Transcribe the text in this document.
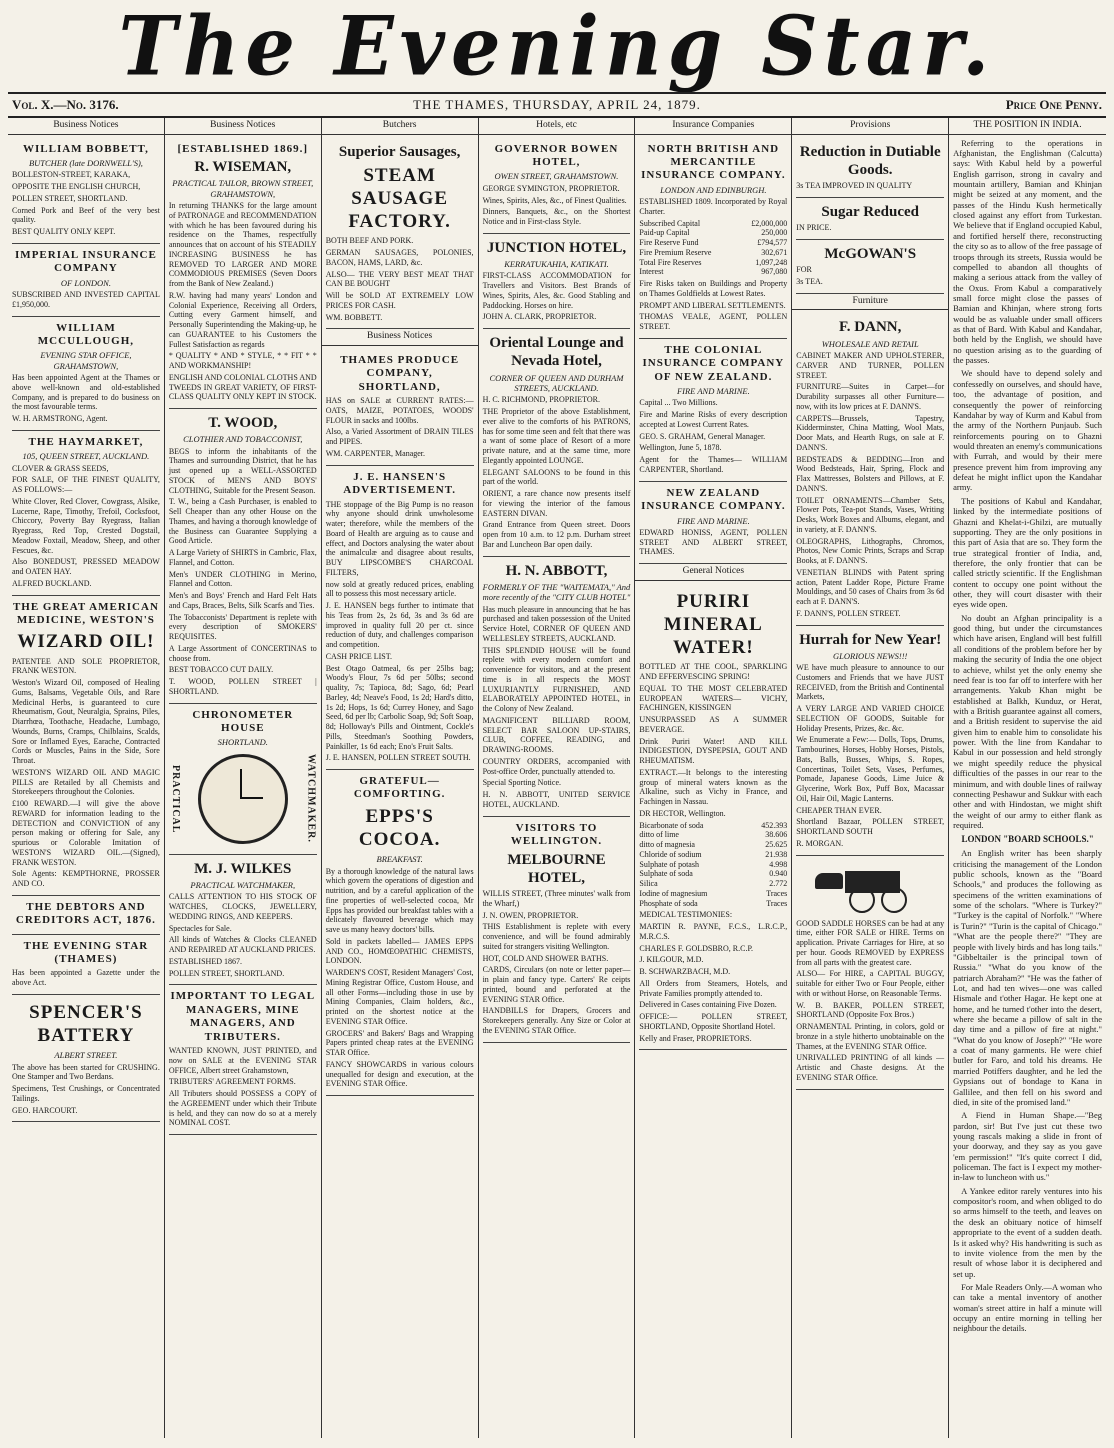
The Evening Star.
Vol. X.—No. 3176.	THE THAMES, THURSDAY, APRIL 24, 1879.	Price One Penny.
Business Notices
WILLIAM BOBBETT,
BUTCHER (late DORNWELL'S),

BOLLESTON-STREET, KARAKA,

OPPOSITE THE ENGLISH CHURCH,

POLLEN STREET, SHORTLAND.

Corned Pork and Beef of the very best quality.

BEST QUALITY ONLY KEPT.

IMPERIAL INSURANCE COMPANY
OF LONDON.

SUBSCRIBED AND INVESTED CAPITAL £1,950,000.

WILLIAM MCCULLOUGH,
EVENING STAR OFFICE, GRAHAMSTOWN,

Has been appointed Agent at the Thames or above well-known and old-established Company, and is prepared to do business on the most favourable terms.

W. H. ARMSTRONG, Agent.

THE HAYMARKET,
105, QUEEN STREET, AUCKLAND.

CLOVER & GRASS SEEDS,

FOR SALE, OF THE FINEST QUALITY, AS FOLLOWS:—

White Clover, Red Clover, Cowgrass, Alsike, Lucerne, Rape, Timothy, Trefoil, Cocksfoot, Chiccory, Poverty Bay Ryegrass, Italian Ryegrass, Red Top, Crested Dogstail, Meadow Foxtail, Meadow, Sheep, and other Fescues, &c.

Also BONEDUST, PRESSED MEADOW and OATEN HAY.

ALFRED BUCKLAND.

THE GREAT AMERICAN MEDICINE, WESTON'S
WIZARD OIL!

PATENTEE AND SOLE PROPRIETOR, FRANK WESTON.

Weston's Wizard Oil, composed of Healing Gums, Balsams, Vegetable Oils, and Rare Medicinal Herbs, is guaranteed to cure Rheumatism, Gout, Neuralgia, Sprains, Piles, Diarrhœa, Toothache, Headache, Lumbago, Wounds, Burns, Cramps, Chilblains, Scalds, Sore or Inflamed Eyes, Earache, Contracted Cords or Muscles, Pains in the Side, Sore Throat.

WESTON'S WIZARD OIL AND MAGIC PILLS are Retailed by all Chemists and Storekeepers throughout the Colonies.

£100 REWARD.—I will give the above REWARD for information leading to the DETECTION and CONVICTION of any person making or offering for Sale, any spurious or Colorable Imitation of WESTON'S WIZARD OIL.—(Signed), FRANK WESTON.

Sole Agents: KEMPTHORNE, PROSSER AND CO.

THE DEBTORS AND CREDITORS ACT, 1876.
THE EVENING STAR (THAMES)

Has been appointed a Gazette under the above Act.

SPENCER'S BATTERY
ALBERT STREET.

The above has been started for CRUSHING. One Stamper and Two Berdans.

Specimens, Test Crushings, or Concentrated Tailings.

GEO. HARCOURT.

Business Notices
[ESTABLISHED 1869.]
R. WISEMAN,
PRACTICAL TAILOR, BROWN STREET, GRAHAMSTOWN,

In returning THANKS for the large amount of PATRONAGE and RECOMMENDATION with which he has been favoured during his residence on the Thames, respectfully announces that on account of his STEADILY INCREASING BUSINESS he has REMOVED TO LARGER AND MORE COMMODIOUS PREMISES (Seven Doors from the Bank of New Zealand.)

R.W. having had many years' London and Colonial Experience, Receiving all Orders, Cutting every Garment himself, and Personally Superintending the Making-up, he can GUARANTEE to his Customers the Fullest Satisfaction as regards

* QUALITY * AND * STYLE, * * FIT * * AND WORKMANSHIP!

ENGLISH AND COLONIAL CLOTHS AND TWEEDS IN GREAT VARIETY, OF FIRST-CLASS QUALITY ONLY KEPT IN STOCK.

T. WOOD,
CLOTHIER AND TOBACCONIST,

BEGS to inform the inhabitants of the Thames and surrounding District, that he has just opened up a WELL-ASSORTED STOCK of MEN'S AND BOYS' CLOTHING, Suitable for the Present Season.

T. W., being a Cash Purchaser, is enabled to Sell Cheaper than any other House on the Thames, and having a thorough knowledge of the Business can Guarantee Supplying a Good Article.

A Large Variety of SHIRTS in Cambric, Flax, Flannel, and Cotton.

Men's UNDER CLOTHING in Merino, Flannel and Cotton.

Men's and Boys' French and Hard Felt Hats and Caps, Braces, Belts, Silk Scarfs and Ties.

The Tobacconists' Department is replete with every description of SMOKERS' REQUISITES.

A Large Assortment of CONCERTINAS to choose from.

BEST TOBACCO CUT DAILY.

T. WOOD, POLLEN STREET | SHORTLAND.

CHRONOMETER HOUSE
SHORTLAND.
PRACTICAL	WATCHMAKER.
M. J. WILKES
PRACTICAL WATCHMAKER,

CALLS ATTENTION TO HIS STOCK OF WATCHES, CLOCKS, JEWELLERY, WEDDING RINGS, AND KEEPERS.

Spectacles for Sale.

All kinds of Watches & Clocks CLEANED AND REPAIRED AT AUCKLAND PRICES.

ESTABLISHED 1867.

POLLEN STREET, SHORTLAND.

IMPORTANT TO LEGAL MANAGERS, MINE MANAGERS, AND TRIBUTERS.

WANTED KNOWN, JUST PRINTED, and now on SALE at the EVENING STAR OFFICE, Albert street Grahamstown,

TRIBUTERS' AGREEMENT FORMS.

All Tributers should POSSESS a COPY of the AGREEMENT under which their Tribute is held, and they can now do so at a merely NOMINAL COST.

Butchers
Superior Sausages,
STEAM SAUSAGE FACTORY.

BOTH BEEF AND PORK.

GERMAN SAUSAGES, POLONIES, BACON, HAMS, LARD, &c.

ALSO— THE VERY BEST MEAT THAT CAN BE BOUGHT

Will be SOLD AT EXTREMELY LOW PRICES FOR CASH.

WM. BOBBETT.

Business Notices
THAMES PRODUCE COMPANY, SHORTLAND,

HAS on SALE at CURRENT RATES:— OATS, MAIZE, POTATOES, WOODS' FLOUR in sacks and 100lbs.

Also, a Varied Assortment of DRAIN TILES and PIPES.

WM. CARPENTER, Manager.

J. E. HANSEN'S ADVERTISEMENT.

THE stoppage of the Big Pump is no reason why anyone should drink unwholesome water; therefore, while the members of the Board of Health are arguing as to cause and effect, and Doctors analysing the water about the animalculæ and disagree about results, BUY LIPSCOMBE'S CHARCOAL FILTERS,

now sold at greatly reduced prices, enabling all to possess this most necessary article.

J. E. HANSEN begs further to intimate that his Teas from 2s, 2s 6d, 3s and 3s 6d are improved in quality full 20 per ct. since reduction of duty, and challenges comparison and competition.

CASH PRICE LIST.

Best Otago Oatmeal, 6s per 25lbs bag; Woody's Flour, 7s 6d per 50lbs; second quality, 7s; Tapioca, 8d; Sago, 6d; Pearl Barley, 4d; Neave's Food, 1s 2d; Hard's ditto, 1s 2d; Hops, 1s 6d; Currey Honey, and Sago Seed, 6d per lb; Carbolic Soap, 9d; Soft Soap, 8d; Holloway's Pills and Ointment, Cockle's Pills, Steedman's Soothing Powders, Painkiller, 1s 6d each; Eno's Fruit Salts.

J. E. HANSEN, POLLEN STREET SOUTH.

GRATEFUL—COMFORTING.
EPPS'S COCOA.
BREAKFAST.

By a thorough knowledge of the natural laws which govern the operations of digestion and nutrition, and by a careful application of the fine properties of well-selected cocoa, Mr Epps has provided our breakfast tables with a delicately flavoured beverage which may save us many heavy doctors' bills.

Sold in packets labelled— JAMES EPPS AND CO., HOMŒOPATHIC CHEMISTS, LONDON.

WARDEN'S COST, Resident Managers' Cost, Mining Registrar Office, Custom House, and all other Forms—including those in use by Mining Companies, Claim holders, &c., printed on the shortest notice at the EVENING STAR Office.

GROCERS' and Bakers' Bags and Wrapping Papers printed cheap rates at the EVENING STAR Office.

FANCY SHOWCARDS in various colours unequalled for design and execution, at the EVENING STAR Office.

Hotels, etc
GOVERNOR BOWEN HOTEL,
OWEN STREET, GRAHAMSTOWN.

GEORGE SYMINGTON, PROPRIETOR.

Wines, Spirits, Ales, &c., of Finest Qualities.

Dinners, Banquets, &c., on the Shortest Notice and in First-class Style.

JUNCTION HOTEL,
KERRATUKAHIA, KATIKATI.

FIRST-CLASS ACCOMMODATION for Travellers and Visitors. Best Brands of Wines, Spirits, Ales, &c. Good Stabling and Paddocking. Horses on hire.

JOHN A. CLARK, PROPRIETOR.

Oriental Lounge and Nevada Hotel,
CORNER OF QUEEN AND DURHAM STREETS, AUCKLAND.

H. C. RICHMOND, PROPRIETOR.

THE Proprietor of the above Establishment, ever alive to the comforts of his PATRONS, has for some time seen and felt that there was a want of some place of Resort of a more private nature, and at the same time, more Elegantly appointed LOUNGE.

ELEGANT SALOONS to be found in this part of the world.

ORIENT, a rare chance now presents itself for viewing the interior of the famous EASTERN DIVAN.

Grand Entrance from Queen street. Doors open from 10 a.m. to 12 p.m. Durham street Bar and Luncheon Bar open daily.

H. N. ABBOTT,
FORMERLY OF THE "WAITEMATA," And more recently of the "CITY CLUB HOTEL"

Has much pleasure in announcing that he has purchased and taken possession of the United Service Hotel, CORNER OF QUEEN AND WELLESLEY STREETS, AUCKLAND.

THIS SPLENDID HOUSE will be found replete with every modern comfort and convenience for visitors, and at the present time is in all respects the MOST LUXURIANTLY FURNISHED, AND ELABORATELY APPOINTED HOTEL, in the Colony of New Zealand.

MAGNIFICENT BILLIARD ROOM, SELECT BAR SALOON UP-STAIRS, CLUB, COFFEE, READING, and DRAWING-ROOMS.

COUNTRY ORDERS, accompanied with Post-office Order, punctually attended to.

Special Sporting Notice.

H. N. ABBOTT, UNITED SERVICE HOTEL, AUCKLAND.

VISITORS TO WELLINGTON.
MELBOURNE HOTEL,

WILLIS STREET, (Three minutes' walk from the Wharf,)

J. N. OWEN, PROPRIETOR.

THIS Establishment is replete with every convenience, and will be found admirably suited for strangers visiting Wellington.

HOT, COLD AND SHOWER BATHS.

CARDS, Circulars (on note or letter paper—in plain and fancy type. Carters' Re ceipts printed, bound and perforated at the EVENING STAR Office.

HANDBILLS for Drapers, Grocers and Storekeepers generally. Any Size or Color at the EVENING STAR Office.

Insurance Companies
NORTH BRITISH AND MERCANTILE INSURANCE COMPANY.
LONDON AND EDINBURGH.

ESTABLISHED 1809. Incorporated by Royal Charter.

Subscribed Capital	£2,000,000
Paid-up Capital	250,000
Fire Reserve Fund	£794,577
Fire Premium Reserve	302,671
Total Fire Reserves	1,097,248
Interest	967,080

Fire Risks taken on Buildings and Property on Thames Goldfields at Lowest Rates.

PROMPT AND LIBERAL SETTLEMENTS.

THOMAS VEALE, AGENT, POLLEN STREET.

THE COLONIAL INSURANCE COMPANY OF NEW ZEALAND.
FIRE AND MARINE.

Capital ... Two Millions.

Fire and Marine Risks of every description accepted at Lowest Current Rates.

GEO. S. GRAHAM, General Manager.

Wellington, June 5, 1878.

Agent for the Thames— WILLIAM CARPENTER, Shortland.

NEW ZEALAND INSURANCE COMPANY.
FIRE AND MARINE.

EDWARD HONISS, AGENT, POLLEN STREET AND ALBERT STREET, THAMES.

General Notices
PURIRI MINERAL WATER!

BOTTLED AT THE COOL, SPARKLING AND EFFERVESCING SPRING!

EQUAL TO THE MOST CELEBRATED EUROPEAN WATERS— VICHY, FACHINGEN, KISSINGEN

UNSURPASSED AS A SUMMER BEVERAGE.

Drink Puriri Water! AND KILL INDIGESTION, DYSPEPSIA, GOUT AND RHEUMATISM.

EXTRACT.—It belongs to the interesting group of mineral waters known as the Alkaline, such as Vichy in France, and Fachingen in Nassau.

DR HECTOR, Wellington.

Bicarbonate of soda	452.393
ditto of lime	38.606
ditto of magnesia	25.625
Chloride of sodium	21.938
Sulphate of potash	4.998
Sulphate of soda	0.940
Silica	2.772
Iodine of magnesium	Traces
Phosphate of soda	Traces

MEDICAL TESTIMONIES:

MARTIN R. PAYNE, F.C.S., L.R.C.P., M.R.C.S.

CHARLES F. GOLDSBRO, R.C.P.

J. KILGOUR, M.D.

B. SCHWARZBACH, M.D.

All Orders from Steamers, Hotels, and Private Families promptly attended to.

Delivered in Cases containing Five Dozen.

OFFICE:— POLLEN STREET, SHORTLAND, Opposite Shortland Hotel.

Kelly and Fraser, PROPRIETORS.

Provisions
Reduction in Dutiable Goods.

3s TEA IMPROVED IN QUALITY

Sugar Reduced

IN PRICE.

McGOWAN'S

FOR

3s TEA.

Furniture
F. DANN,
WHOLESALE AND RETAIL

CABINET MAKER AND UPHOLSTERER, CARVER AND TURNER, POLLEN STREET.

FURNITURE—Suites in Carpet—for Durability surpasses all other Furniture—now, with its low prices at F. DANN'S.

CARPETS—Brussels, Tapestry, Kidderminster, China Matting, Wool Mats, Door Mats, and Hearth Rugs, on sale at F. DANN'S.

BEDSTEADS & BEDDING—Iron and Wood Bedsteads, Hair, Spring, Flock and Flax Mattresses, Bolsters and Pillows, at F. DANN'S.

TOILET ORNAMENTS—Chamber Sets, Flower Pots, Tea-pot Stands, Vases, Writing Desks, Work Boxes and Albums, elegant, and in variety, at F. DANN'S.

OLEOGRAPHS, Lithographs, Chromos, Photos, New Comic Prints, Scraps and Scrap Books, at F. DANN'S.

VENETIAN BLINDS with Patent spring action, Patent Ladder Rope, Picture Frame Mouldings, and 50 cases of Chairs from 3s 6d each at F. DANN'S.

F. DANN'S, POLLEN STREET.

Hurrah for New Year!
GLORIOUS NEWS!!!

WE have much pleasure to announce to our Customers and Friends that we have JUST RECEIVED, from the British and Continental Markets,

A VERY LARGE AND VARIED CHOICE SELECTION OF GOODS, Suitable for Holiday Presents, Prizes, &c. &c.

We Enumerate a Few:— Dolls, Tops, Drums, Tambourines, Horses, Hobby Horses, Pistols, Bats, Balls, Busses, Whips, S. Ropes, Concertinas, Toilet Sets, Vases, Perfumes, Pomade, Japanese Goods, Lime Juice & Glycerine, Work Box, Puff Box, Macassar Oil, Hair Oil, Magic Lanterns.

CHEAPER THAN EVER.

Shortland Bazaar, POLLEN STREET, SHORTLAND SOUTH

R. MORGAN.

GOOD SADDLE HORSES can be had at any time, either FOR SALE or HIRE. Terms on application. Private Carriages for Hire, at so per hour. Goods REMOVED by EXPRESS from all parts with the greatest care.

ALSO— For HIRE, a CAPITAL BUGGY, suitable for either Two or Four People, either with or without Horse, on Reasonable Terms.

W. B. BAKER, POLLEN STREET, SHORTLAND (Opposite Fox Bros.)

ORNAMENTAL Printing, in colors, gold or bronze in a style hitherto unobtainable on the Thames, at the EVENING STAR Office.

UNRIVALLED PRINTING of all kinds —Artistic and Chaste designs. At the EVENING STAR Office.

THE POSITION IN INDIA.

Referring to the operations in Afghanistan, the Englishman (Calcutta) says: With Kabul held by a powerful English garrison, strong in cavalry and mountain artillery, Bamian and Khinjan might be seized at any moment, and the passes of the Hindu Kush hermetically closed against any effort from Turkestan. We believe that if England occupied Kabul, and fortified herself there, reconstructing the city so as to allow of the free passage of troops through its streets, Russia would be compelled to abandon all thoughts of making a serious attack from the valley of the Oxus. From Kabul a comparatively small force might close the passes of Bamian and Khinjan, where strong forts would be as valuable under small officers as that of Bard. With Kabul and Kandahar, both held by the English, we should have no question arising as to the guarding of the passes.

We should have to depend solely and confessedly on ourselves, and should have, too, the advantage of position, and consequently the power of reinforcing Kandahar by way of Kurm and Kabul from the army of the Northern Punjaub. Such reinforcements pouring on to Ghazni would threaten an enemy's communications with Furrah, and would by their mere presence prevent him from improving any defeat he might inflict upon the Kandahar army.

The positions of Kabul and Kandahar, linked by the intermediate positions of Ghazni and Khelat-i-Ghilzi, are mutually supporting. They are the only positions in this part of Asia that are so. They form the true strategical frontier of India, and, therefore, the only frontier that can be called strictly scientific. If the Englishman content to occupy one point without the other, they will court disaster with their eyes wide open.

No doubt an Afghan principality is a good thing, but under the circumstances which have arisen, England will best fulfill all conditions of the problem before her by making the security of India the one object to achieve, whilst yet the only enemy she need fear is too far off to interfere with her arrangements. Yakub Khan might be established at Balkh, Kunduz, or Herat, with a British guarantee against all comers, and a British resident to supervise the aid given him to enable him to consolidate his power. With the line from Kandahar to Kabul in our possession and held strongly we might speedily reduce the physical difficulties of the passes in our rear to the minimum, and with double lines of railway connecting Peshawur and Sukkur with each other and with Hindostan, we might shift the weight of our army to either flank as required.

LONDON "BOARD SCHOOLS."

An English writer has been sharply criticising the management of the London public schools, known as the "Board Schools," and produces the following as specimens of the written examinations of some of the scholars. "Where is Turkey?" "Turkey is the capital of Norfolk." "Where is Turin?" "Turin is the capital of Chicago." "What are the people there?" "They are people with lively birds and has long tails." "Gibbeltailer is the principal town of Russia." "What do you know of the patriarch Abraham?" "He was the father of Lot, and had ten wives—one was called Hismale and t'other Hagar. He kept one at home, and he turned t'other into the desert, where she became a pillow of salt in the day time and a pillow of fire at night." "What do you know of Joseph?" "He wore a coat of many garments. He were chief butler for Faro, and told his dreams. He married Potiffers daughter, and he led the Gypsians out of bondage to Kana in Gallilee, and then fell on his sword and died, in site of the promised land."

A Fiend in Human Shape.—"Beg pardon, sir! But I've just cut these two young rascals making a slide in front of your doorway, and they say as you gave 'em permission!" "It's quite correct I did, policeman. The fact is I expect my mother-in-law to luncheon with us."

A Yankee editor rarely ventures into his compositor's room, and when obliged to do so arms himself to the teeth, and leaves on the desk an obituary notice of himself appropriate to the event of a sudden death. Is it asked why? His handwriting is such as to invite violence from the men by the result of whose labor it is deciphered and set up.

For Male Readers Only.—A woman who can take a mental inventory of another woman's street attire in half a minute will occupy an entire morning in telling her neighbour the details.
